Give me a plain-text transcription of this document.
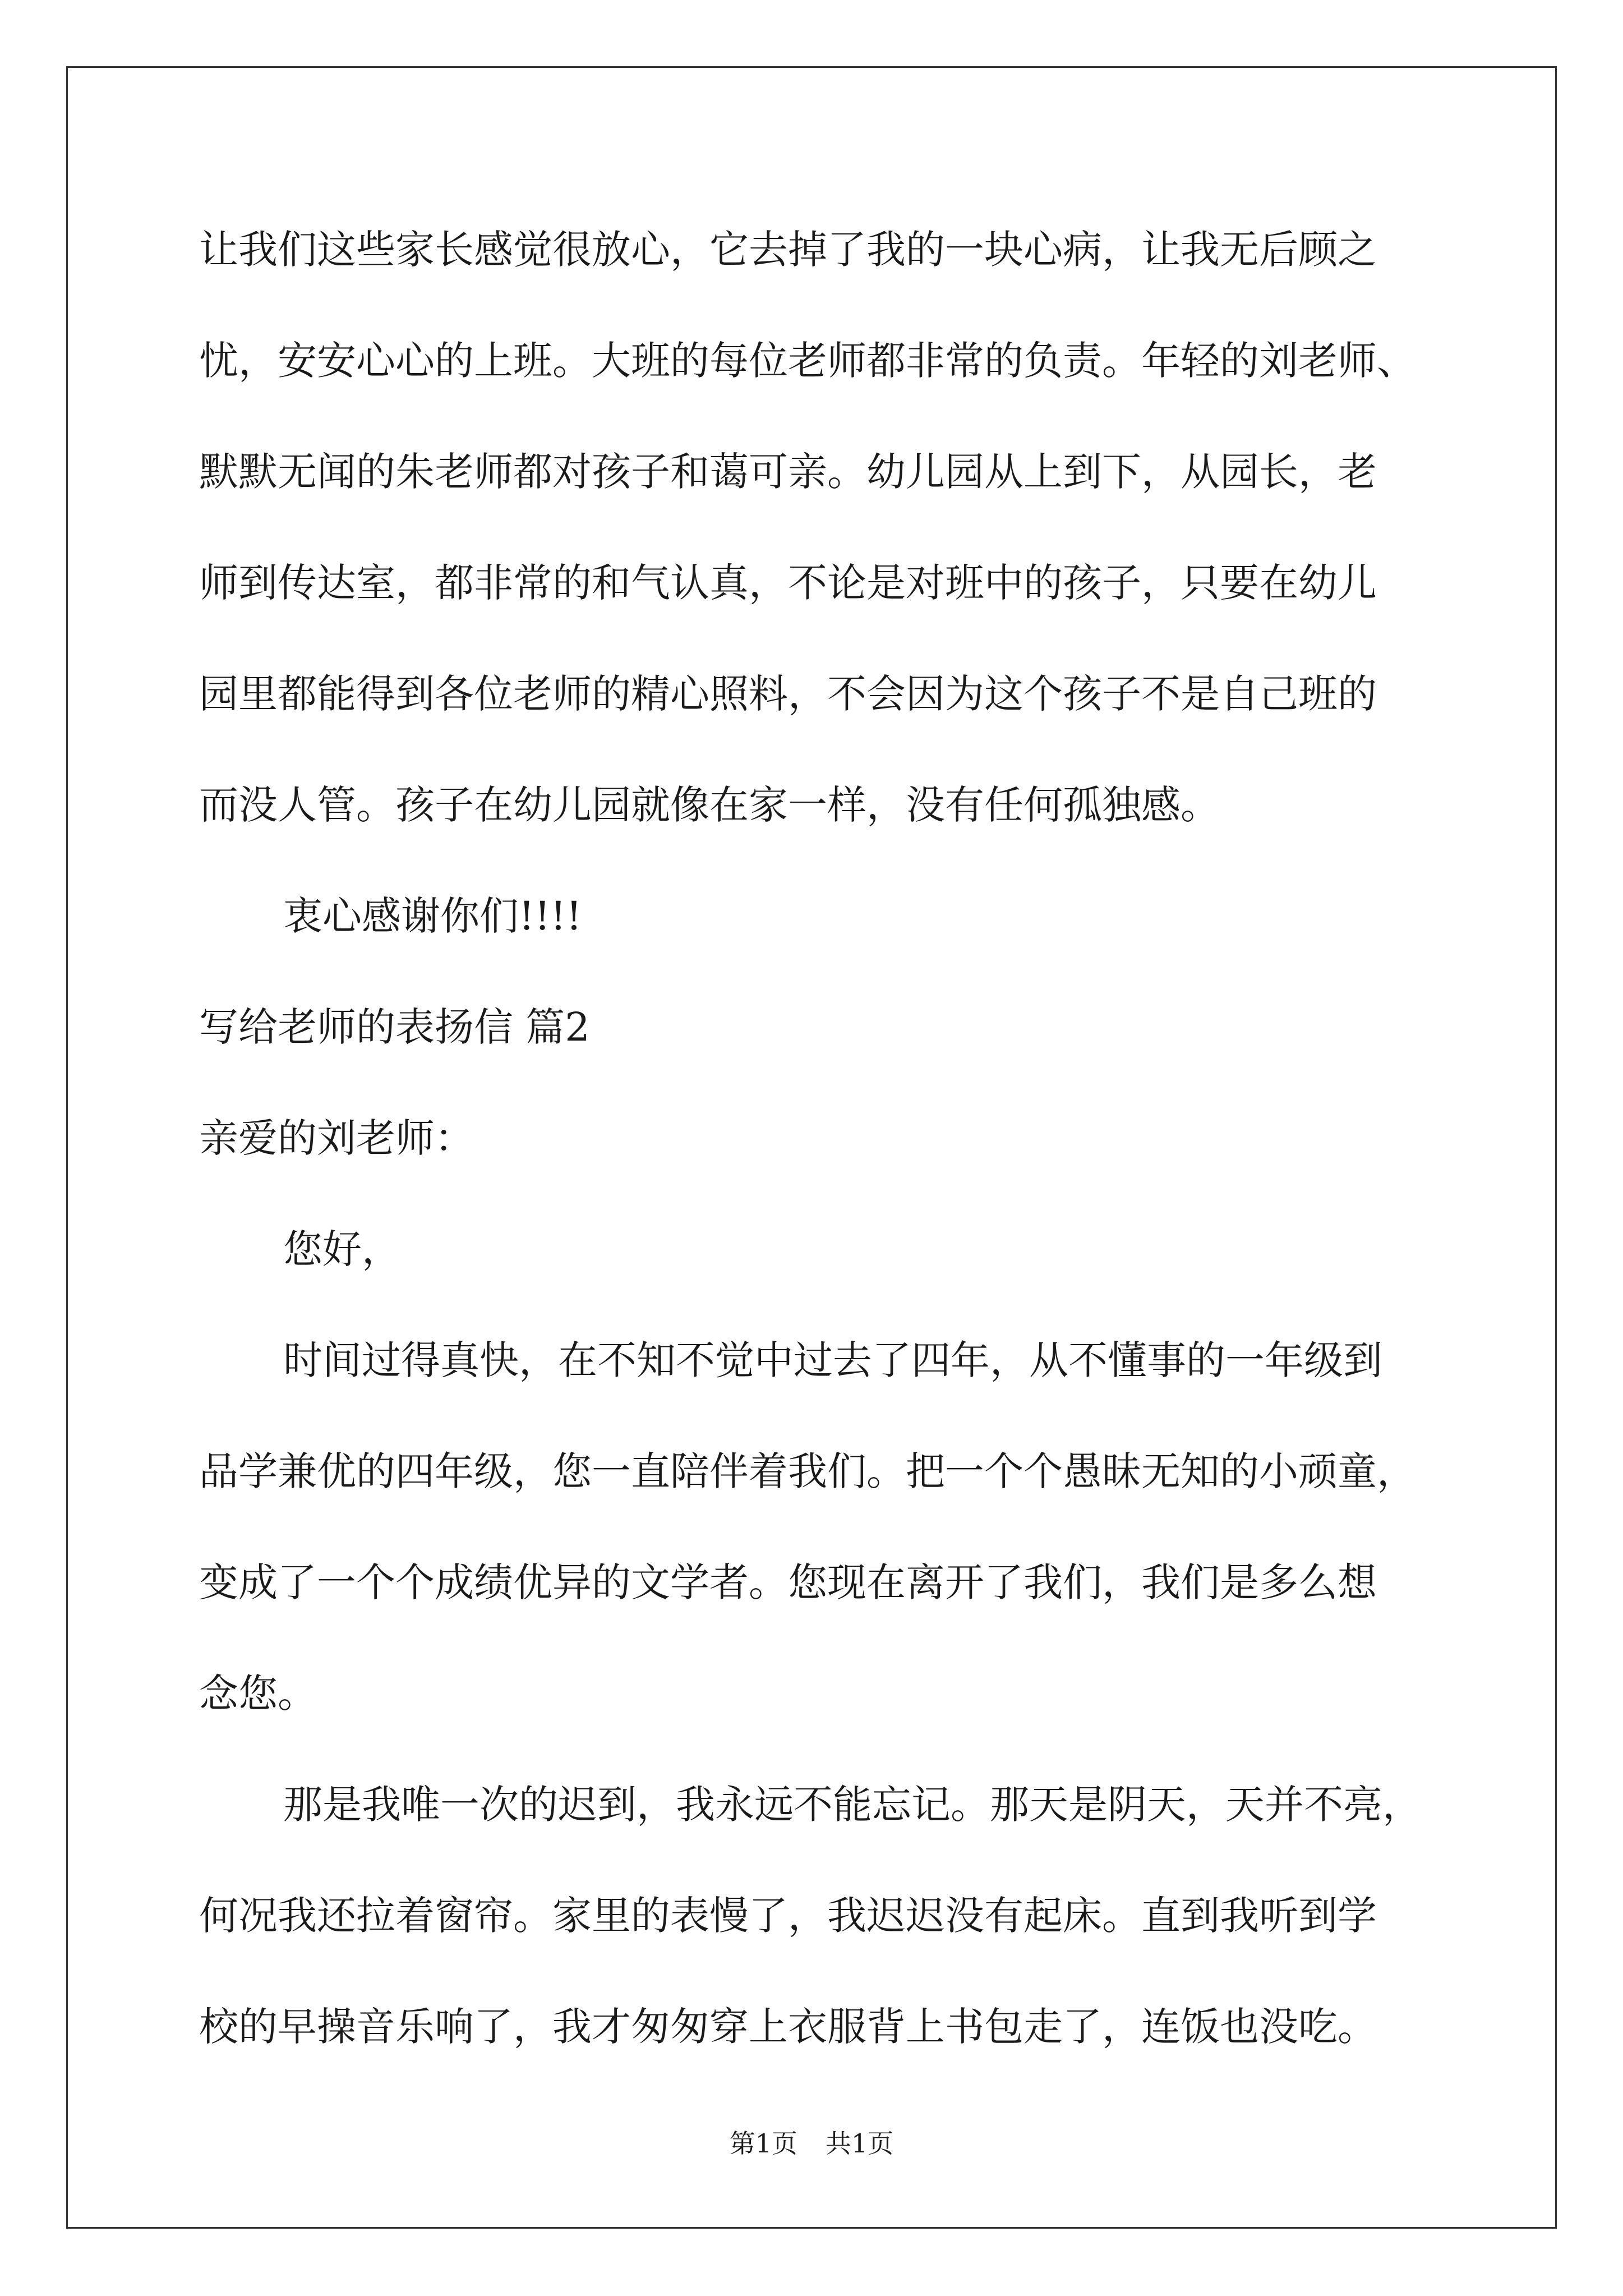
让我们这些家长感觉很放心，它去掉了我的一块心病，让我无后顾之
忧，安安心心的上班。大班的每位老师都非常的负责。年轻的刘老师、
默默无闻的朱老师都对孩子和蔼可亲。幼儿园从上到下，从园长，老
师到传达室，都非常的和气认真，不论是对班中的孩子，只要在幼儿
园里都能得到各位老师的精心照料，不会因为这个孩子不是自己班的
而没人管。孩子在幼儿园就像在家一样，没有任何孤独感。
衷心感谢你们!!!!
写给老师的表扬信 篇2
亲爱的刘老师：
您好，
时间过得真快，在不知不觉中过去了四年，从不懂事的一年级到
品学兼优的四年级，您一直陪伴着我们。把一个个愚昧无知的小顽童，
变成了一个个成绩优异的文学者。您现在离开了我们，我们是多么想
念您。
那是我唯一次的迟到，我永远不能忘记。那天是阴天，天并不亮，
何况我还拉着窗帘。家里的表慢了，我迟迟没有起床。直到我听到学
校的早操音乐响了，我才匆匆穿上衣服背上书包走了，连饭也没吃。
第1页 共1页
